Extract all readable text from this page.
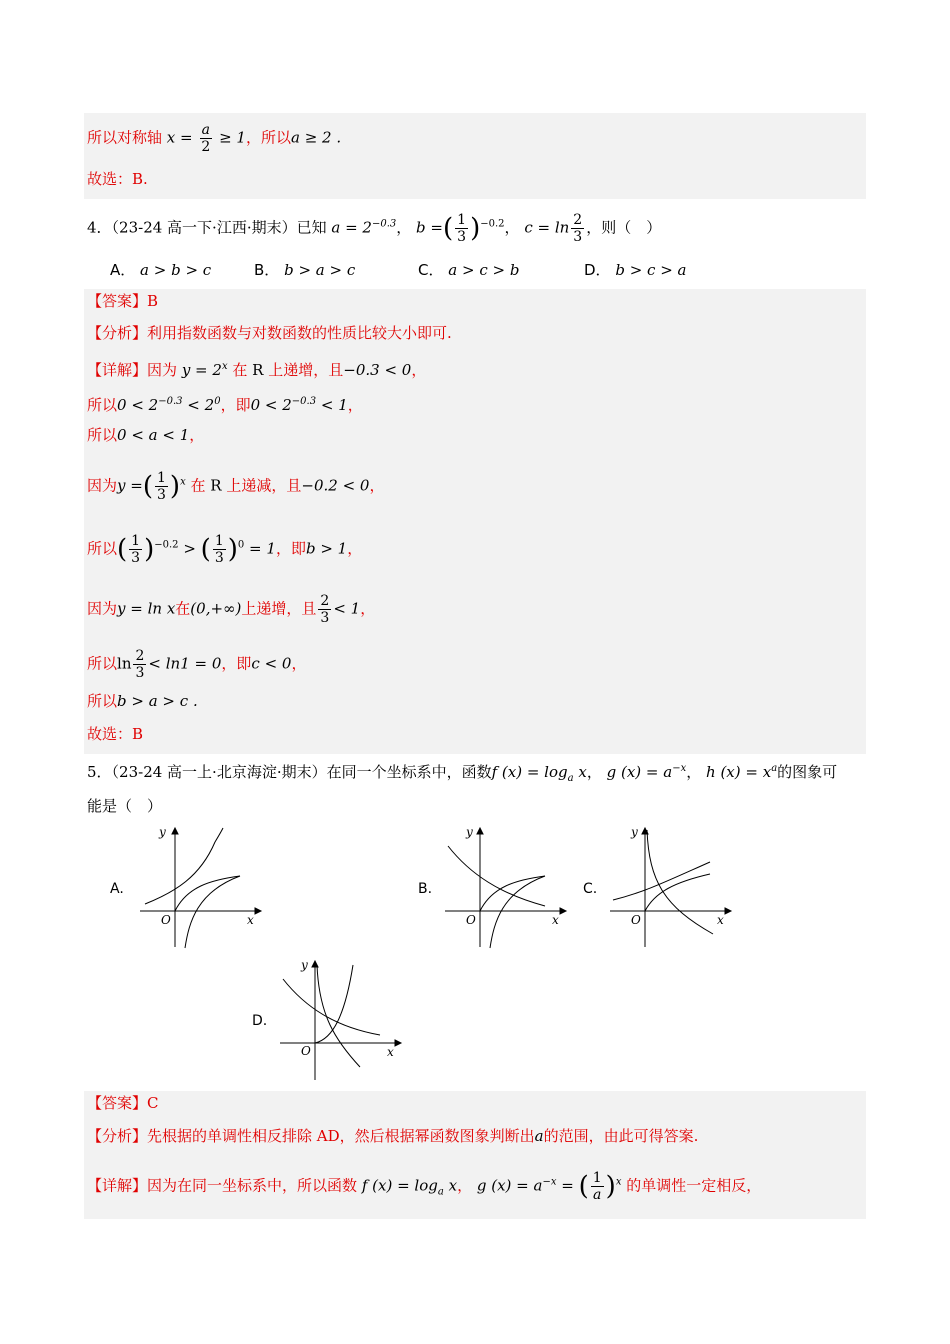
所以对称轴 $x = \frac{a}{2} \ge 1$，所以a ≥ 2 .
故选：B.
4．（23-24 高一下·江西·期末）已知 $a = 2^{-0.3}$， b =( $\frac{1}{3} )^{-0.2}$， $c = \ln \frac{2}{3}$ ，则（　）
A． a > b > c	B． b > a > c	C． a > c > b	D． b > c > a
【答案】B
【分析】利用指数函数与对数函数的性质比较大小即可.
【详解】因为 $y = 2^x$ 在 R 上递增，且−0.3 < 0，
所以$0 < 2^{-0.3} < 2^0$，即$0 < 2^{-0.3} < 1$，
所以0 < a < 1，
因为y =( $\frac{1}{3} )^x$ 在 R 上递减，且−0.2 < 0，
所以( $\frac{1}{3} )^{-0.2}$ > ( $\frac{1}{3} )^0 = 1$，即b > 1，
因为y = ln x在(0,+∞)上递增，且 $\frac{2}{3} < 1$，
所以$\ln \frac{2}{3} < \ln 1 = 0$，即c < 0，
所以b > a > c .
故选：B
5．（23-24 高一上·北京海淀·期末）在同一个坐标系中，函数f $(x) = \log_a x$， g $(x) = a^{-x}$， h $(x) = x^a$的图象可
能是（　）
A.	B.	C.
D.
y
x
O
y
x
O
y
x
O
y
x
O
【答案】C
【分析】先根据的单调性相反排除 AD，然后根据幂函数图象判断出a的范围，由此可得答案.
【详解】因为在同一坐标系中，所以函数 f $(x) = \log_a x$， g $(x) = a^{-x}$ = ( $\frac{1}{a} )^x$ 的单调性一定相反，
